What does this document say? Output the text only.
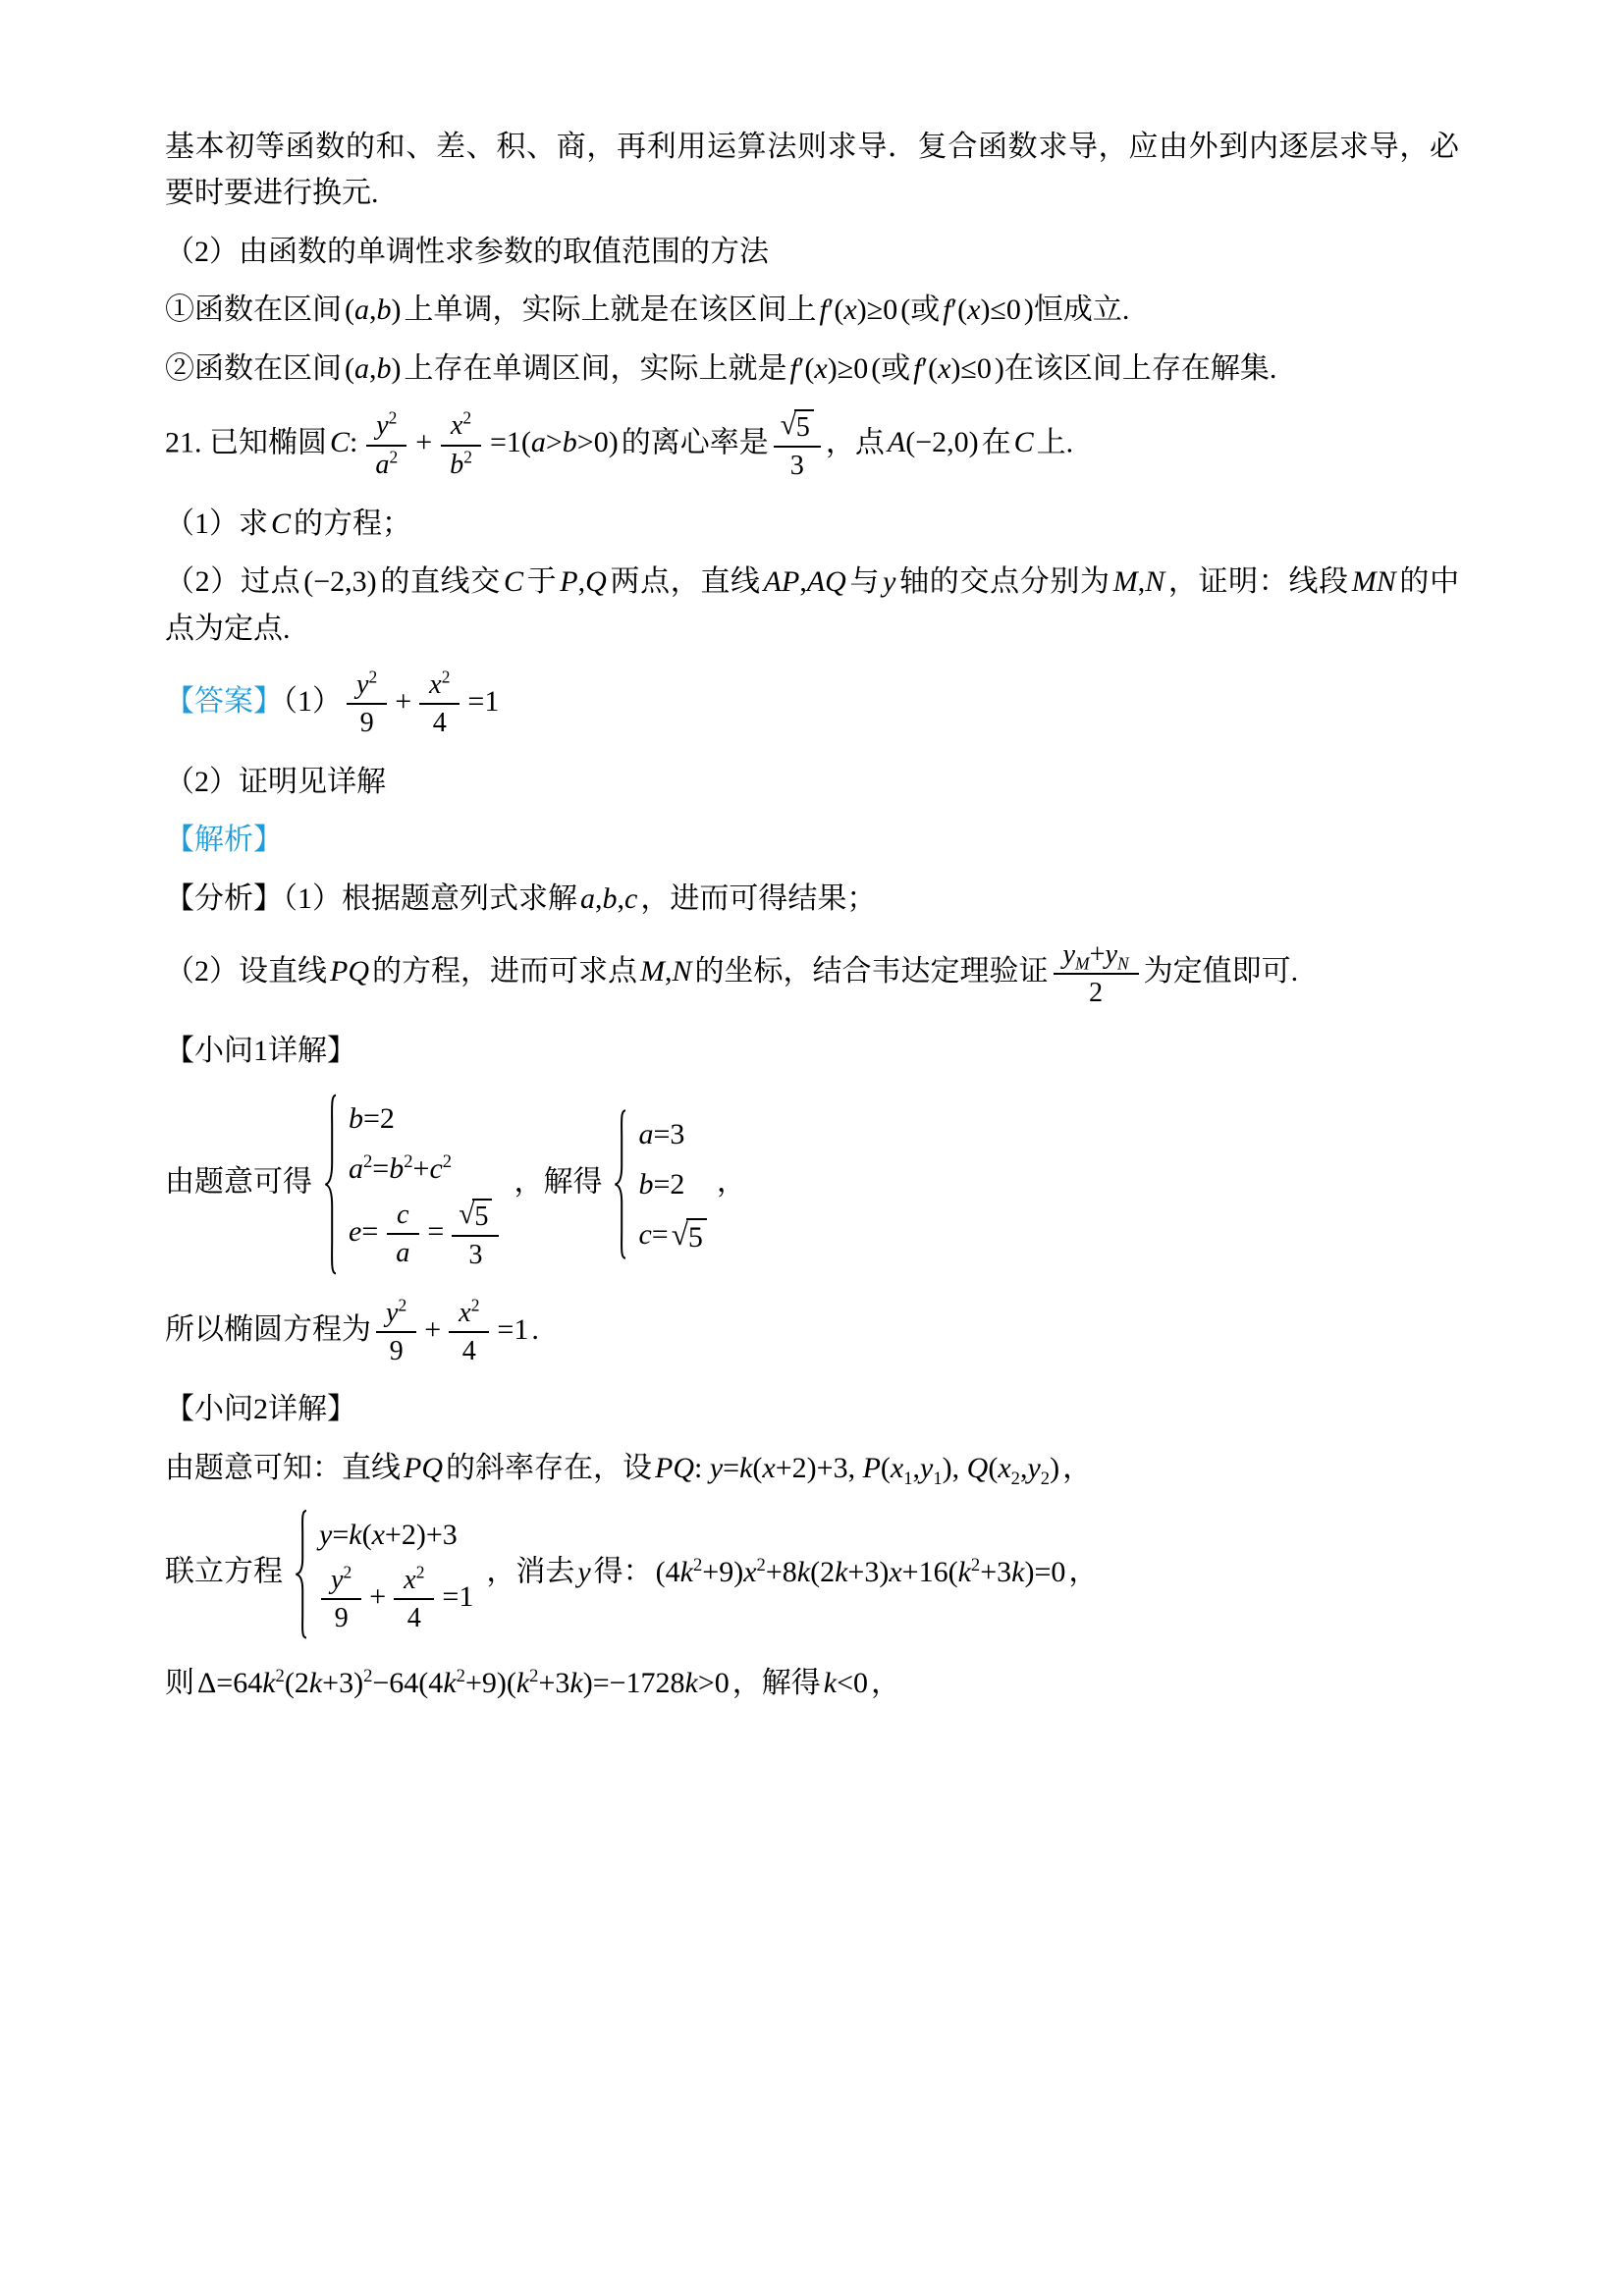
基本初等函数的和、差、积、商，再利用运算法则求导．复合函数求导，应由外到内逐层求导，必要时要进行换元.
（2）由函数的单调性求参数的取值范围的方法
①函数在区间 (a,b) 上单调，实际上就是在该区间上 f′(x)≥0 (或 f′(x)≤0 )恒成立.
②函数在区间 (a,b) 上存在单调区间，实际上就是 f′(x)≥0 (或 f′(x)≤0 )在该区间上存在解集.
21. 已知椭圆 C: $\frac{y^2}{a^2} + \frac{x^2}{b^2} =1(a>b>0)$ 的离心率是 $\frac{√ 5}{3}$ ，点 A(−2,0) 在 C 上.
（1）求 C 的方程；
（2）过点 (−2,3) 的直线交 C 于 P,Q 两点，直线 AP,AQ 与 y 轴的交点分别为 M,N ，证明：线段 MN 的中点为定点.
【答案】$(1) \frac{y^2}{9} + \frac{x^2}{4} =1$
（2）证明见详解
【解析】
【分析】（1）根据题意列式求解 a,b,c ，进而可得结果；
（2）设直线 PQ 的方程，进而可求点 M,N 的坐标，结合韦达定理验证 $\frac{y_M+y_N}{2}$ 为定值即可.
【小问1详解】
由题意可得
b=2
$a^2=b^2+c^2$
$e= \frac{c}{a} = \frac{√ 5}{3}$
，解得
a=3
b=2
c= √ 5
，
所以椭圆方程为 $\frac{y^2}{9} + \frac{x^2}{4} =1$ .
【小问2详解】
由题意可知：直线 PQ 的斜率存在，设 PQ: y=k(x+2)+3, $P(x_1,y_1)$, $Q(x_2,y_2)$ ，
联立方程
y=k(x+2)+3
$\frac{y^2}{9} + \frac{x^2}{4} =1$
，消去 y 得： $(4k^2+9)x^2+8k(2k+3)x+16(k^2+3k)=0$ ，
则 $\Delta=64k^2(2k+3)^2-64(4k^2+9)(k^2+3k)=-1728k>0$ ，解得 k<0 ，
